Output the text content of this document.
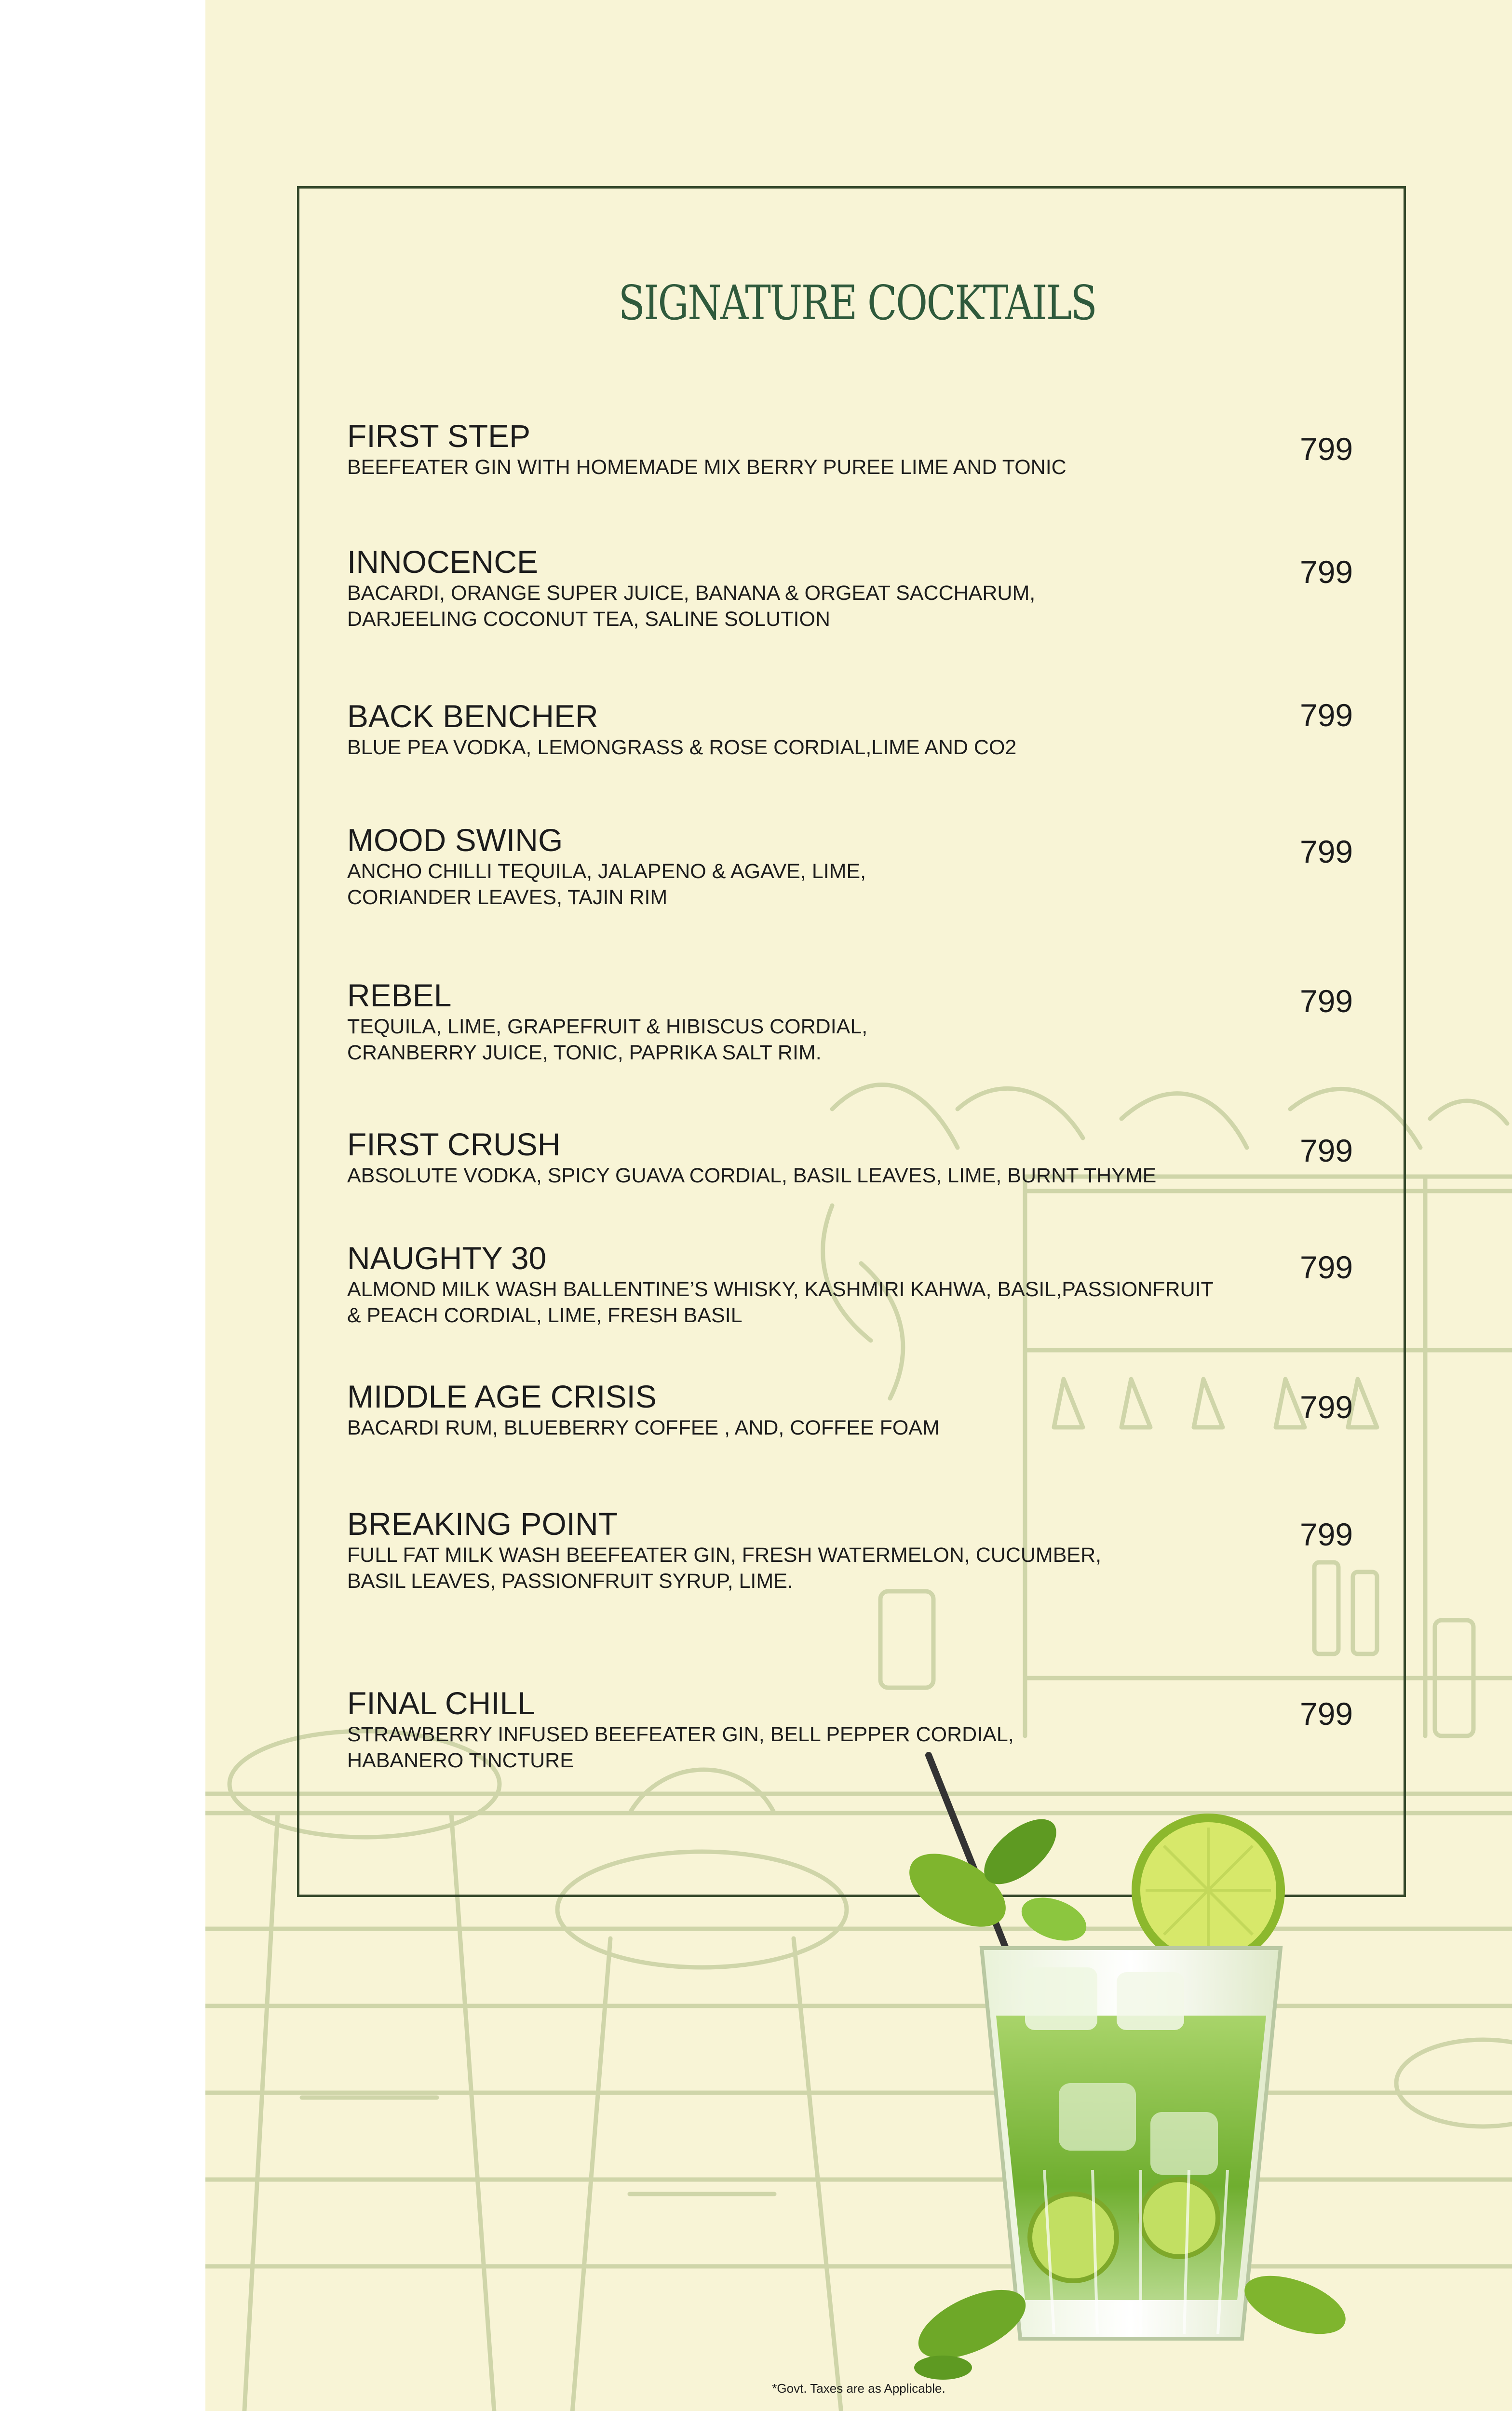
SIGNATURE COCKTAILS
FIRST STEP
BEEFEATER GIN WITH HOMEMADE MIX BERRY PUREE LIME AND TONIC
799
INNOCENCE
BACARDI, ORANGE SUPER JUICE, BANANA & ORGEAT SACCHARUM,
DARJEELING COCONUT TEA, SALINE SOLUTION
799
BACK BENCHER
BLUE PEA VODKA, LEMONGRASS & ROSE CORDIAL,LIME AND CO2
799
MOOD SWING
ANCHO CHILLI TEQUILA, JALAPENO & AGAVE, LIME,
CORIANDER LEAVES, TAJIN RIM
799
REBEL
TEQUILA, LIME, GRAPEFRUIT & HIBISCUS CORDIAL,
CRANBERRY JUICE, TONIC, PAPRIKA SALT RIM.
799
FIRST CRUSH
ABSOLUTE VODKA, SPICY GUAVA CORDIAL, BASIL LEAVES, LIME, BURNT THYME
799
NAUGHTY 30
ALMOND MILK WASH BALLENTINE’S WHISKY, KASHMIRI KAHWA, BASIL,PASSIONFRUIT
& PEACH CORDIAL, LIME, FRESH BASIL
799
MIDDLE AGE CRISIS
BACARDI RUM, BLUEBERRY COFFEE , AND, COFFEE FOAM
799
BREAKING POINT
FULL FAT MILK WASH BEEFEATER GIN, FRESH WATERMELON, CUCUMBER,
BASIL LEAVES, PASSIONFRUIT SYRUP, LIME.
799
FINAL CHILL
STRAWBERRY INFUSED BEEFEATER GIN, BELL PEPPER CORDIAL,
HABANERO TINCTURE
799
*Govt. Taxes are as Applicable.
